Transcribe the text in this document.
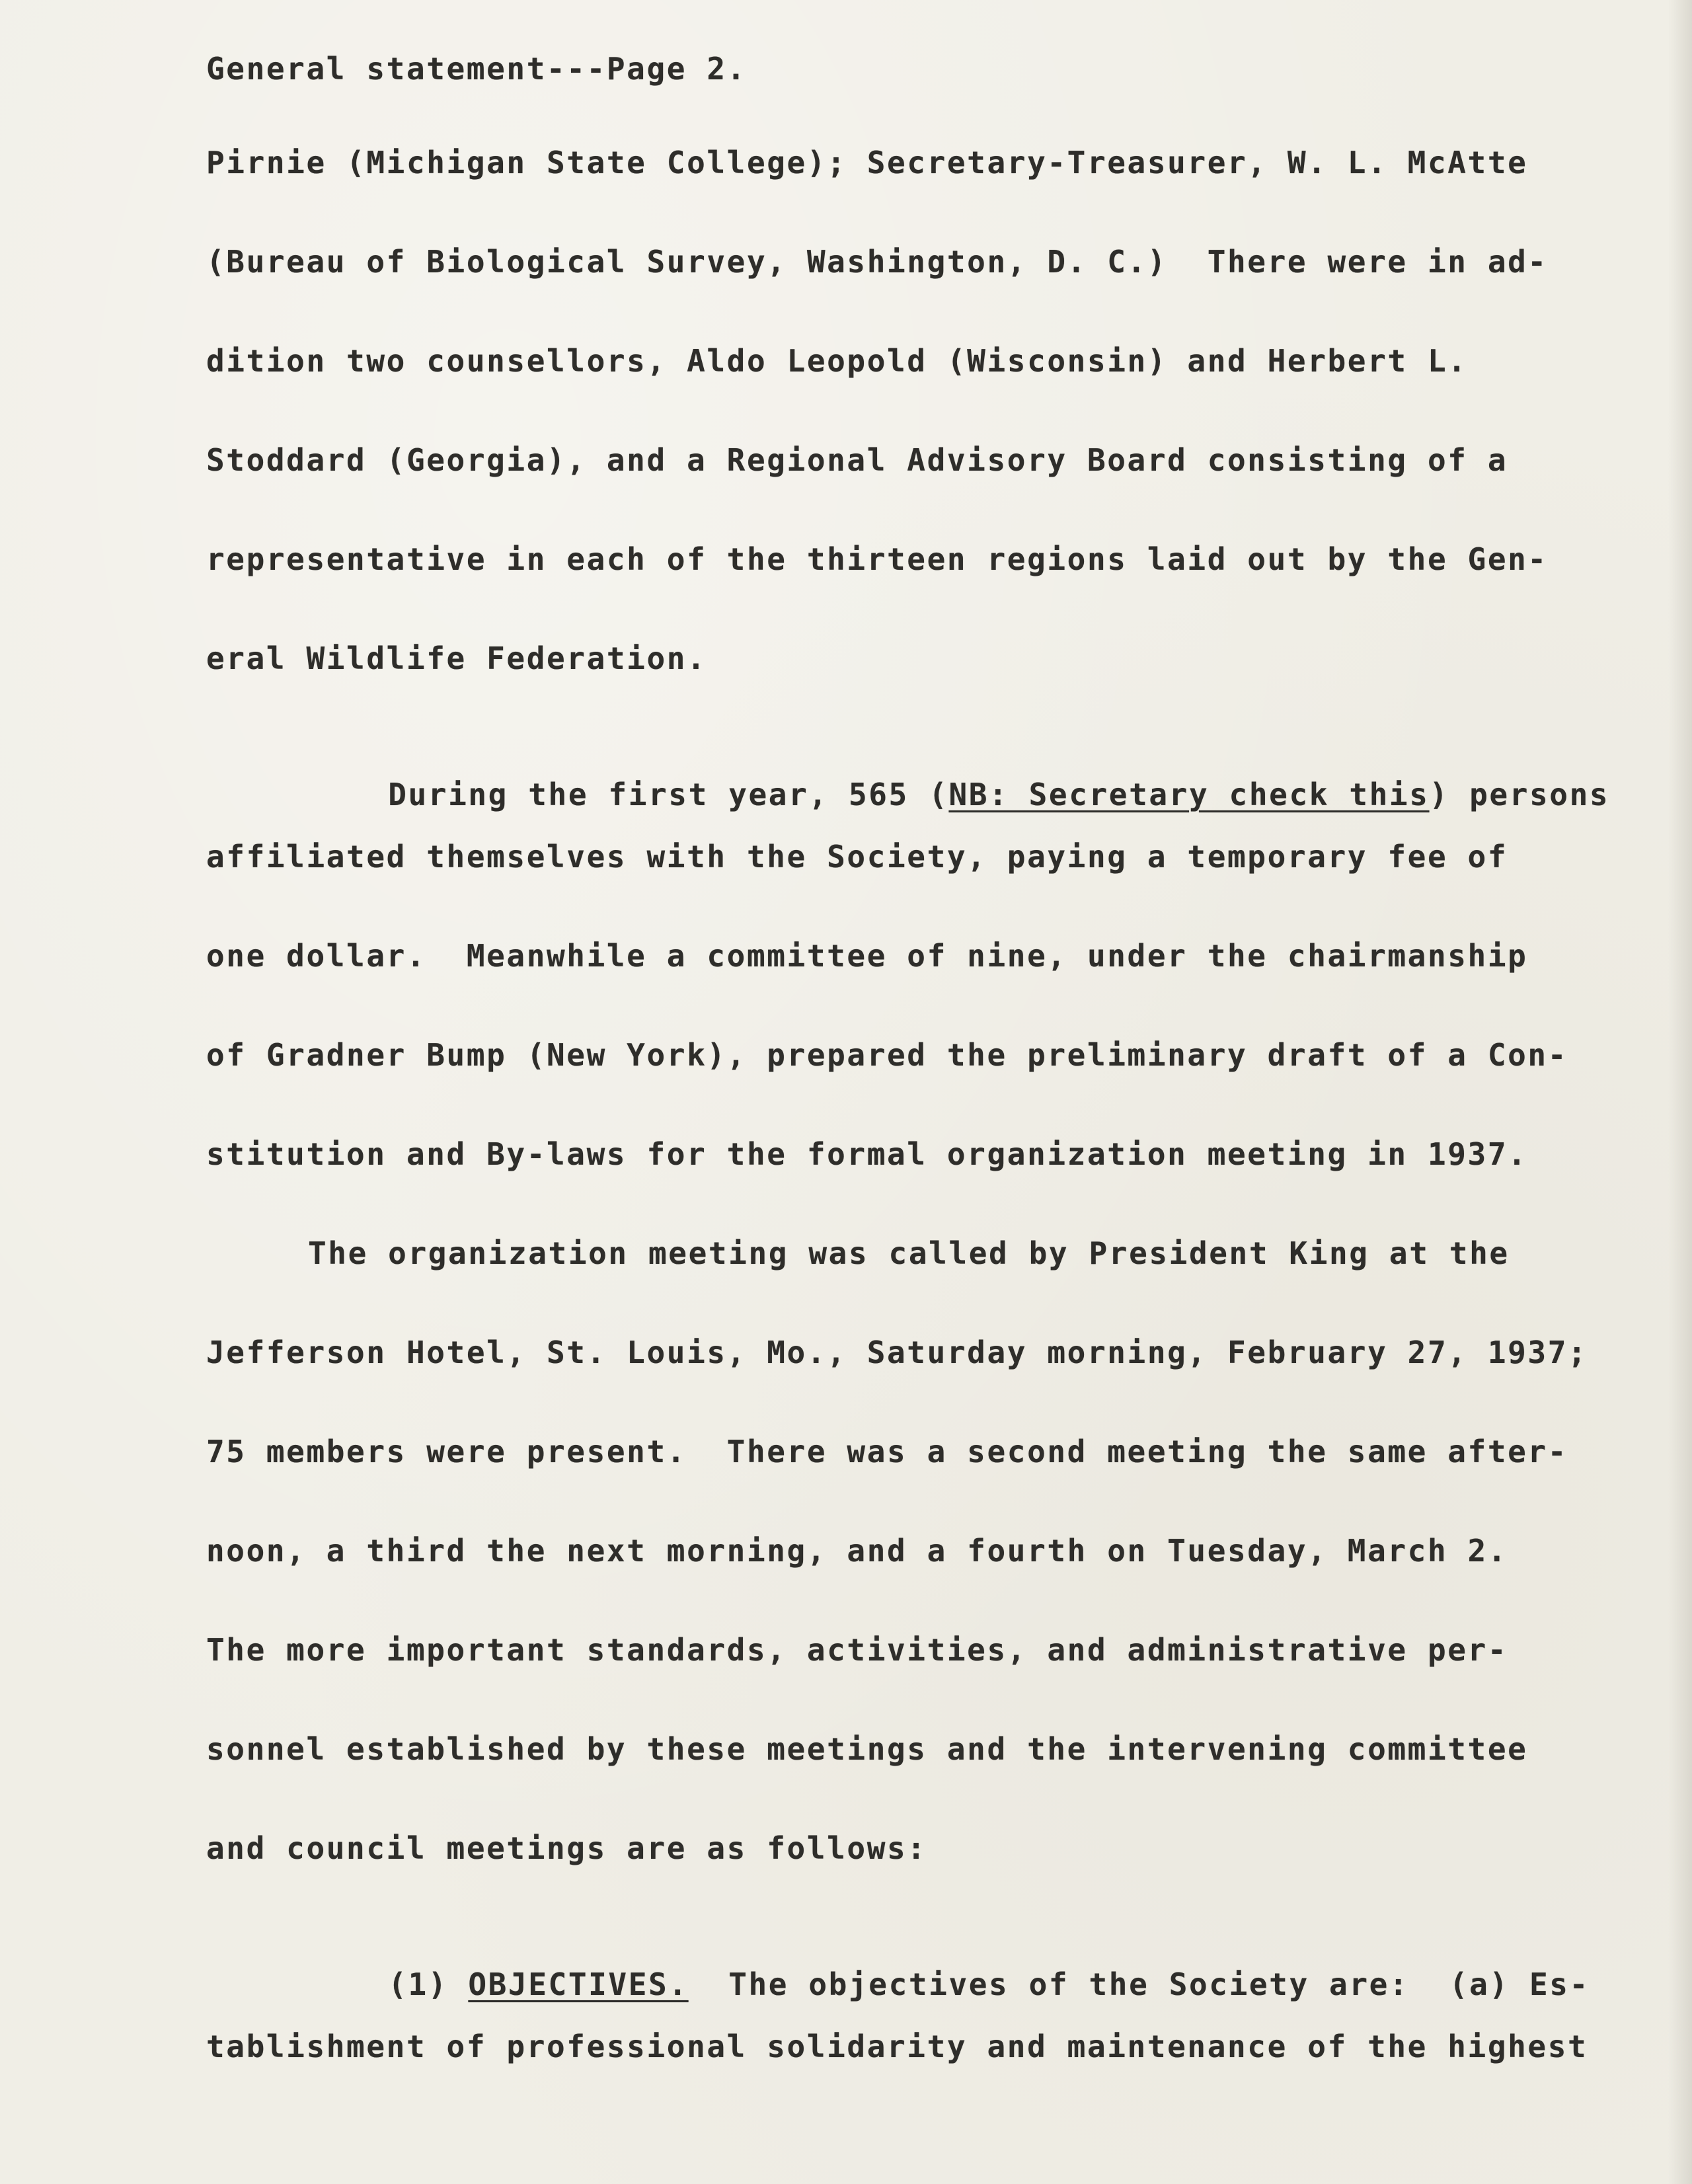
General statement---Page 2.
Pirnie (Michigan State College); Secretary-Treasurer, W. L. McAtte
(Bureau of Biological Survey, Washington, D. C.)  There were in ad-
dition two counsellors, Aldo Leopold (Wisconsin) and Herbert L.
Stoddard (Georgia), and a Regional Advisory Board consisting of a
representative in each of the thirteen regions laid out by the Gen-
eral Wildlife Federation.

During the first year, 565 (NB: Secretary check this) persons

affiliated themselves with the Society, paying a temporary fee of
one dollar.  Meanwhile a committee of nine, under the chairmanship
of Gradner Bump (New York), prepared the preliminary draft of a Con-
stitution and By-laws for the formal organization meeting in 1937.
The organization meeting was called by President King at the
Jefferson Hotel, St. Louis, Mo., Saturday morning, February 27, 1937;
75 members were present.  There was a second meeting the same after-
noon, a third the next morning, and a fourth on Tuesday, March 2.
The more important standards, activities, and administrative per-
sonnel established by these meetings and the intervening committee
and council meetings are as follows:

(1) OBJECTIVES.  The objectives of the Society are:  (a) Es-

tablishment of professional solidarity and maintenance of the highest
